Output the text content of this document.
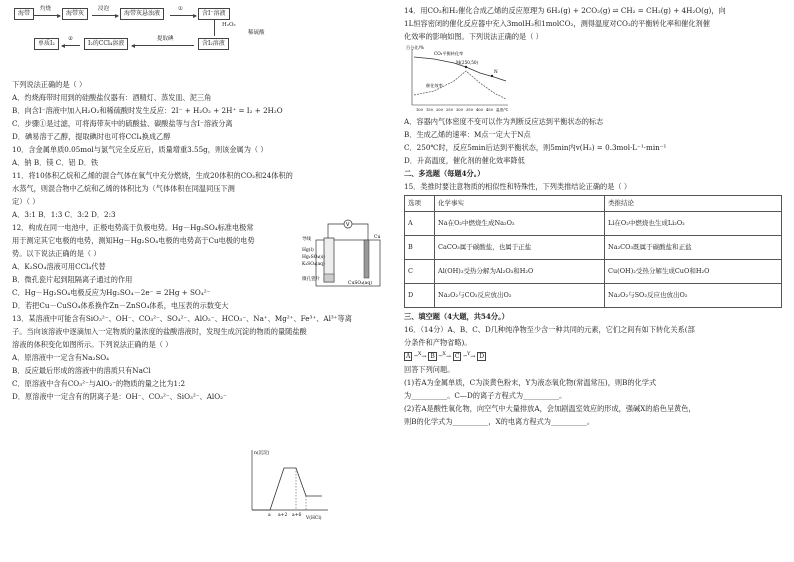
海带
灼烧
海带灰
浸泡
海带灰悬浊液
①
含I⁻溶液
H₂O₂
稀硫酸
含I₂溶液
提取碘
I₂的CCl₄溶液
②
单质I₂
下列说法正确的是（ ）
A．灼烧海带时用到的硅酸盐仪器有：酒精灯、蒸发皿、泥三角
B．向含I⁻溶液中加入H₂O₂和稀硫酸时发生反应：2I⁻ + H₂O₂ + 2H⁺ = I₂ + 2H₂O
C．步骤①是过滤，可将海带灰中的硫酸盐、碳酸盐等与含I⁻溶液分离
D．碘易溶于乙醇，提取碘时也可将CCl₄换成乙醇
10．含金属单质0.05mol与氯气完全反应后，质量增重3.55g，则该金属为（ ）
A．钠 B．镁 C．铝 D．铁
11．将10体积乙烷和乙烯的混合气体在氧气中充分燃烧，生成20体积的CO₂和24体积的
水蒸气，则混合物中乙烷和乙烯的体积比为（气体体积在同温同压下测
定）（ ）
A．3:1 B．1:3 C．3:2 D．2:3
12．构成在同一电池中，正极电势高于负极电势。Hg－Hg₂SO₄标准电极常
用于测定其它电极的电势，测知Hg－Hg₂SO₄电极的电势高于Cu电极的电势
势。以下说法正确的是（ ）
A．K₂SO₄溶液可用CCl₄代替
B．微孔瓷片起到阻隔离子通过的作用
C．Hg－Hg₂SO₄电极反应为Hg₂SO₄－2e⁻ = 2Hg + SO₄²⁻
D．若把Cu－CuSO₄体系换作Zn－ZnSO₄体系，电压表的示数变大
13．某溶液中可能含有SiO₃²⁻、OH⁻、CO₃²⁻、SO₄²⁻、AlO₂⁻、HCO₃⁻、Na⁺、Mg²⁺、Fe³⁺、Al³⁺等离
子。当向该溶液中逐滴加入一定物质的量浓度的盐酸溶液时，发现生成沉淀的物质的量随盐酸
溶液的体积变化如图所示。下列说法正确的是（ ）
A．原溶液中一定含有Na₂SO₄
B．反应最后形成的溶液中的溶质只有NaCl
C．原溶液中含有CO₃²⁻与AlO₂⁻的物质的量之比为1:2
D．原溶液中一定含有的阴离子是：OH⁻、CO₃²⁻、SiO₃²⁻、AlO₂⁻
V
导线
Hg(l)
Hg₂SO₄(s)
K₂SO₄(aq)
微孔瓷片
Cu
CuSO₄(aq)
n(沉淀)
V(HCl)
a a+2 a+6
14．用CO₂和H₂催化合成乙烯的反应原理为 6H₂(g) + 2CO₂(g) ⇌ CH₂ = CH₂(g) + 4H₂O(g)，向
1L恒容密闭的催化反应器中充入3molH₂和1molCO₂，测得温度对CO₂的平衡转化率和催化剂催
化效率的影响如图。下列说法正确的是（ ）
百分比/%
CO₂平衡转化率
M(250,50)
N
催化效率
100 150 200 250 300 350 400 450 温度/℃
A．容器内气体密度不变可以作为判断反应达到平衡状态的标志
B．生成乙烯的速率：M点一定大于N点
C．250℃时，反应5min后达到平衡状态，则5min内v(H₂) = 0.3mol·L⁻¹·min⁻¹
D．升高温度，催化剂的催化效率降低
二、多选题（每题4分。）
15．类推时要注意物质的相似性和特殊性，下列类推结论正确的是（ ）
选项	化学事实	类推结论
A	Na在O₂中燃烧生成Na₂O₂	Li在O₂中燃烧也生成Li₂O₂
B	CaCO₃属于碳酸盐，也属于正盐	Na₂CO₃既属于碳酸盐和正盐
C	Al(OH)₃受热分解为Al₂O₃和H₂O	Cu(OH)₂受热分解生成CuO和H₂O
D	Na₂O₂与CO₂反应放出O₂	Na₂O₂与SO₂反应也放出O₂
三、填空题（4大题，共54分。）
16．（14分）A、B、C、D几种纯净物至少含一种共同的元素，它们之间有如下转化关系(部
分条件和产物省略)。
A ─$^X$→ B ─$^X$→ C ─$^Y$→ D
回答下列问题。
(1)若A为金属单质，C为淡黄色粉末，Y为液态氧化物(常温常压)，则B的化学式
为__________。C—D的离子方程式为__________。
(2)若A是酸性氧化物，向空气中大量排放A，会加剧温室效应的形成，强碱X的焰色呈黄色，
则B的化学式为__________，X的电离方程式为__________。
